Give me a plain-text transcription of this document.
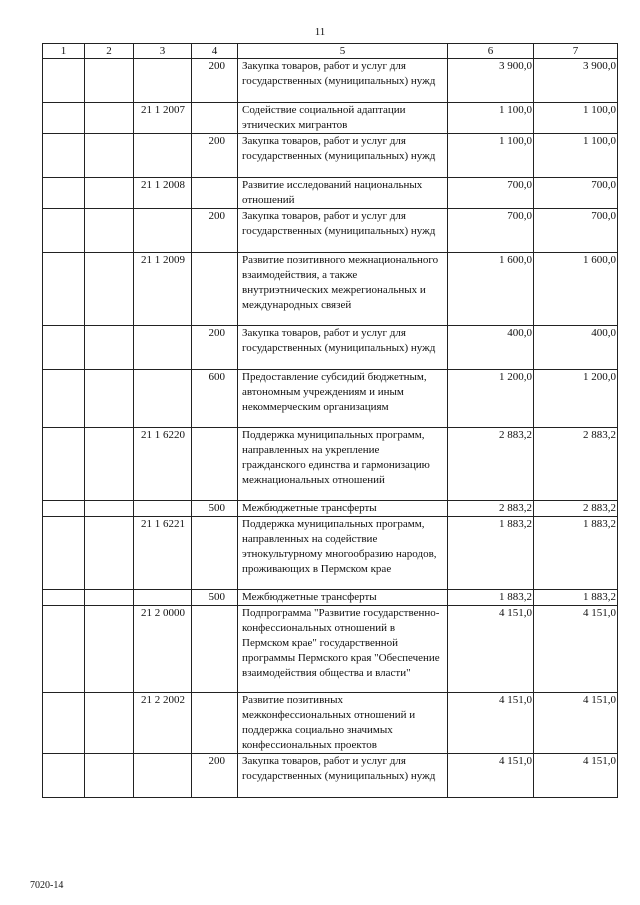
11
1	2	3	4	5	6	7
			200	Закупка товаров, работ и услуг для государственных (муниципальных) нужд	3 900,0	3 900,0
		21 1 2007		Содействие социальной адаптации этнических мигрантов	1 100,0	1 100,0
			200	Закупка товаров, работ и услуг для государственных (муниципальных) нужд	1 100,0	1 100,0
		21 1 2008		Развитие исследований национальных отношений	700,0	700,0
			200	Закупка товаров, работ и услуг для государственных (муниципальных) нужд	700,0	700,0
		21 1 2009		Развитие позитивного межнационального взаимодействия, а также внутриэтнических межрегиональных и международных связей	1 600,0	1 600,0
			200	Закупка товаров, работ и услуг для государственных (муниципальных) нужд	400,0	400,0
			600	Предоставление субсидий бюджетным, автономным учреждениям и иным некоммерческим организациям	1 200,0	1 200,0
		21 1 6220		Поддержка муниципальных программ, направленных на укрепление гражданского единства и гармонизацию межнациональных отношений	2 883,2	2 883,2
			500	Межбюджетные трансферты	2 883,2	2 883,2
		21 1 6221		Поддержка муниципальных программ, направленных на содействие этнокультурному многообразию народов, проживающих в Пермском крае	1 883,2	1 883,2
			500	Межбюджетные трансферты	1 883,2	1 883,2
		21 2 0000		Подпрограмма "Развитие государственно-конфессиональных отношений в Пермском крае" государственной программы Пермского края "Обеспечение взаимодействия общества и власти"	4 151,0	4 151,0
		21 2 2002		Развитие позитивных межконфессиональных отношений и поддержка социально значимых конфессиональных проектов	4 151,0	4 151,0
			200	Закупка товаров, работ и услуг для государственных (муниципальных) нужд	4 151,0	4 151,0
7020-14
